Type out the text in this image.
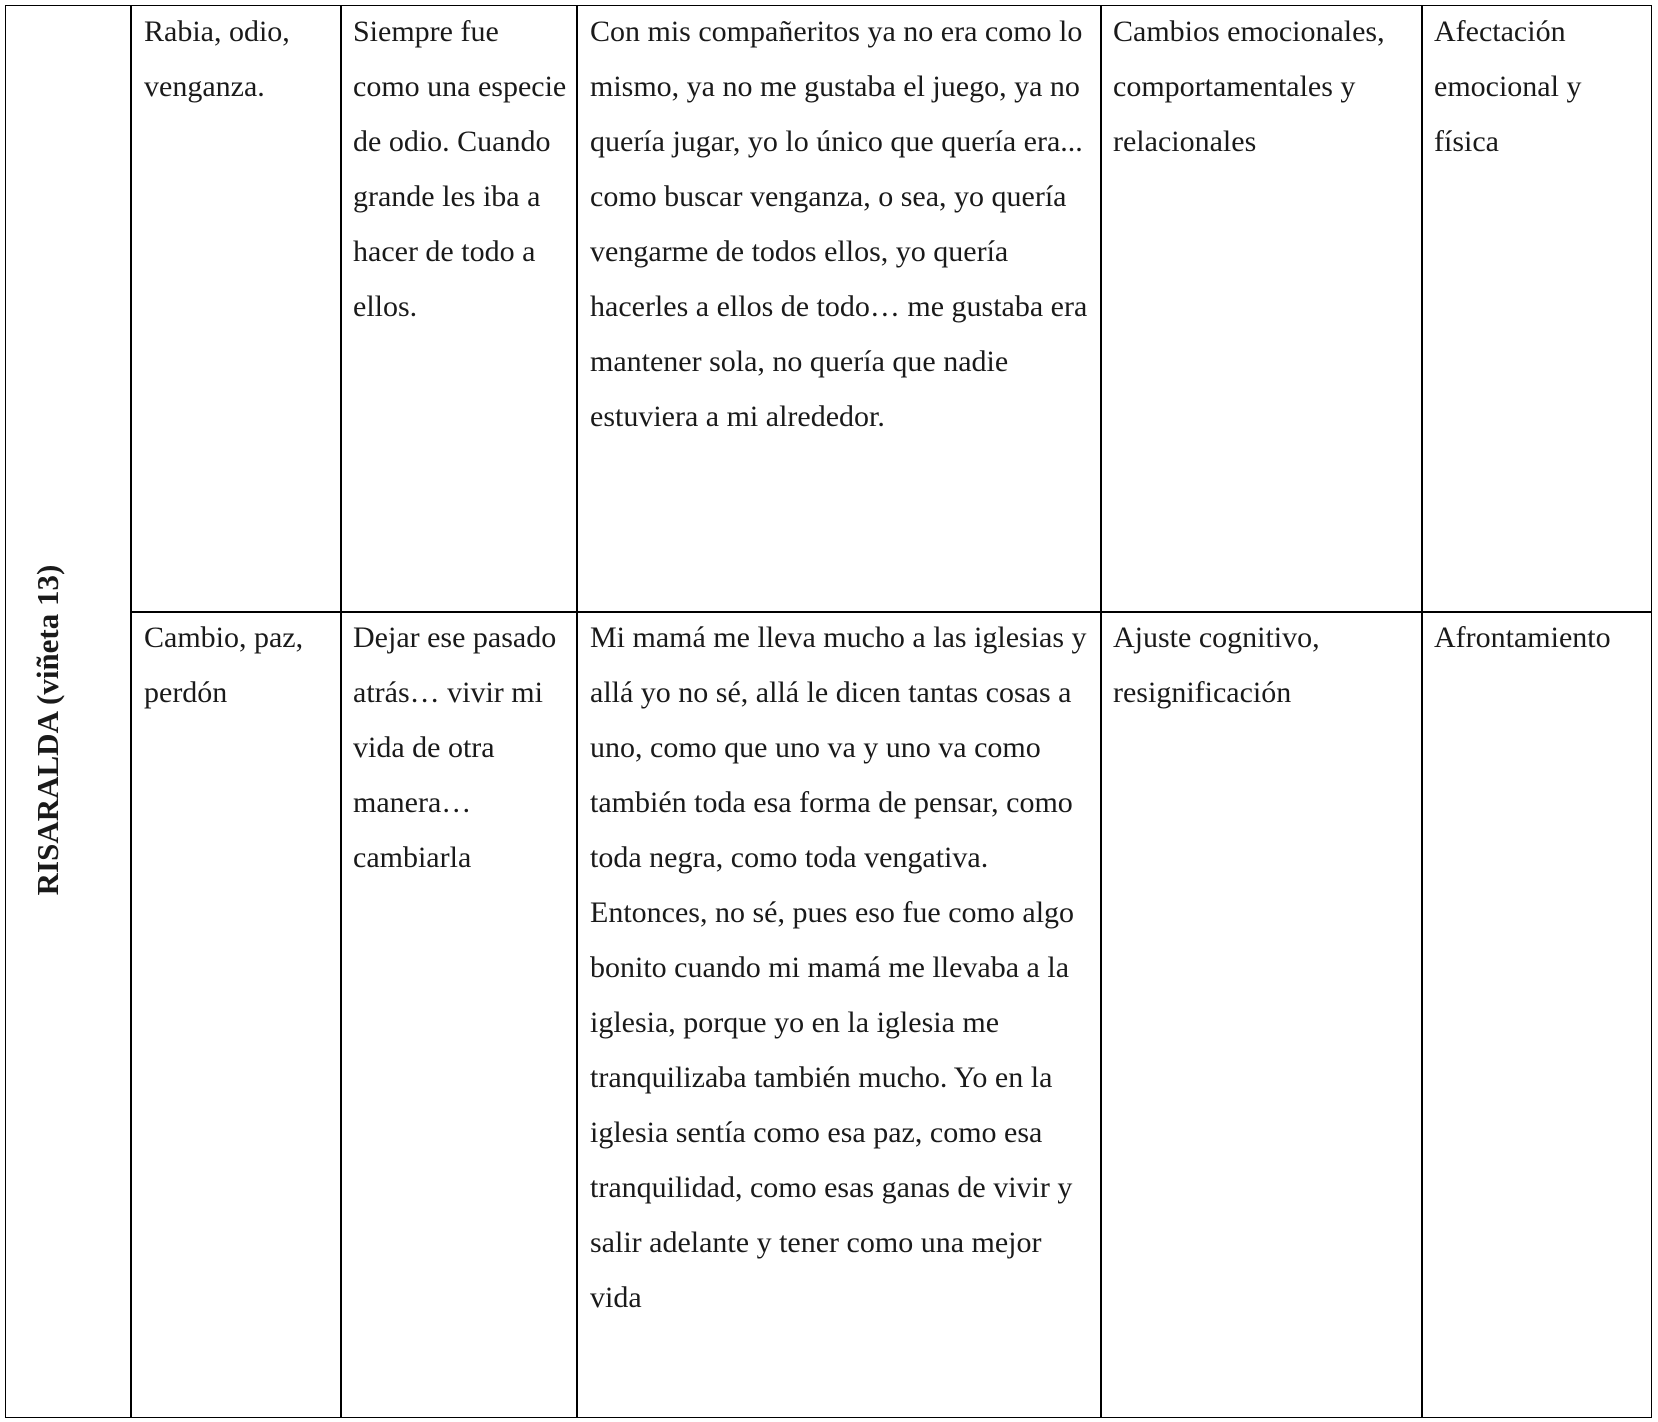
RISARALDA (viñeta 13)
Rabia, odio, venganza.
Siempre fue como una especie de odio. Cuando grande les iba a hacer de todo a ellos.
Con mis compañeritos ya no era como lo mismo, ya no me gustaba el juego, ya no quería jugar, yo lo único que quería era... como buscar venganza, o sea, yo quería vengarme de todos ellos, yo quería hacerles a ellos de todo… me gustaba era mantener sola, no quería que nadie estuviera a mi alrededor.
Cambios emocionales, comportamentales y relacionales
Afectación emocional y física
Cambio, paz, perdón
Dejar ese pasado atrás… vivir mi vida de otra manera… cambiarla
Mi mamá me lleva mucho a las iglesias y allá yo no sé, allá le dicen tantas cosas a uno, como que uno va y uno va como también toda esa forma de pensar, como toda negra, como toda vengativa. Entonces, no sé, pues eso fue como algo bonito cuando mi mamá me llevaba a la iglesia, porque yo en la iglesia me tranquilizaba también mucho. Yo en la iglesia sentía como esa paz, como esa tranquilidad, como esas ganas de vivir y salir adelante y tener como una mejor vida
Ajuste cognitivo, resignificación
Afrontamiento
